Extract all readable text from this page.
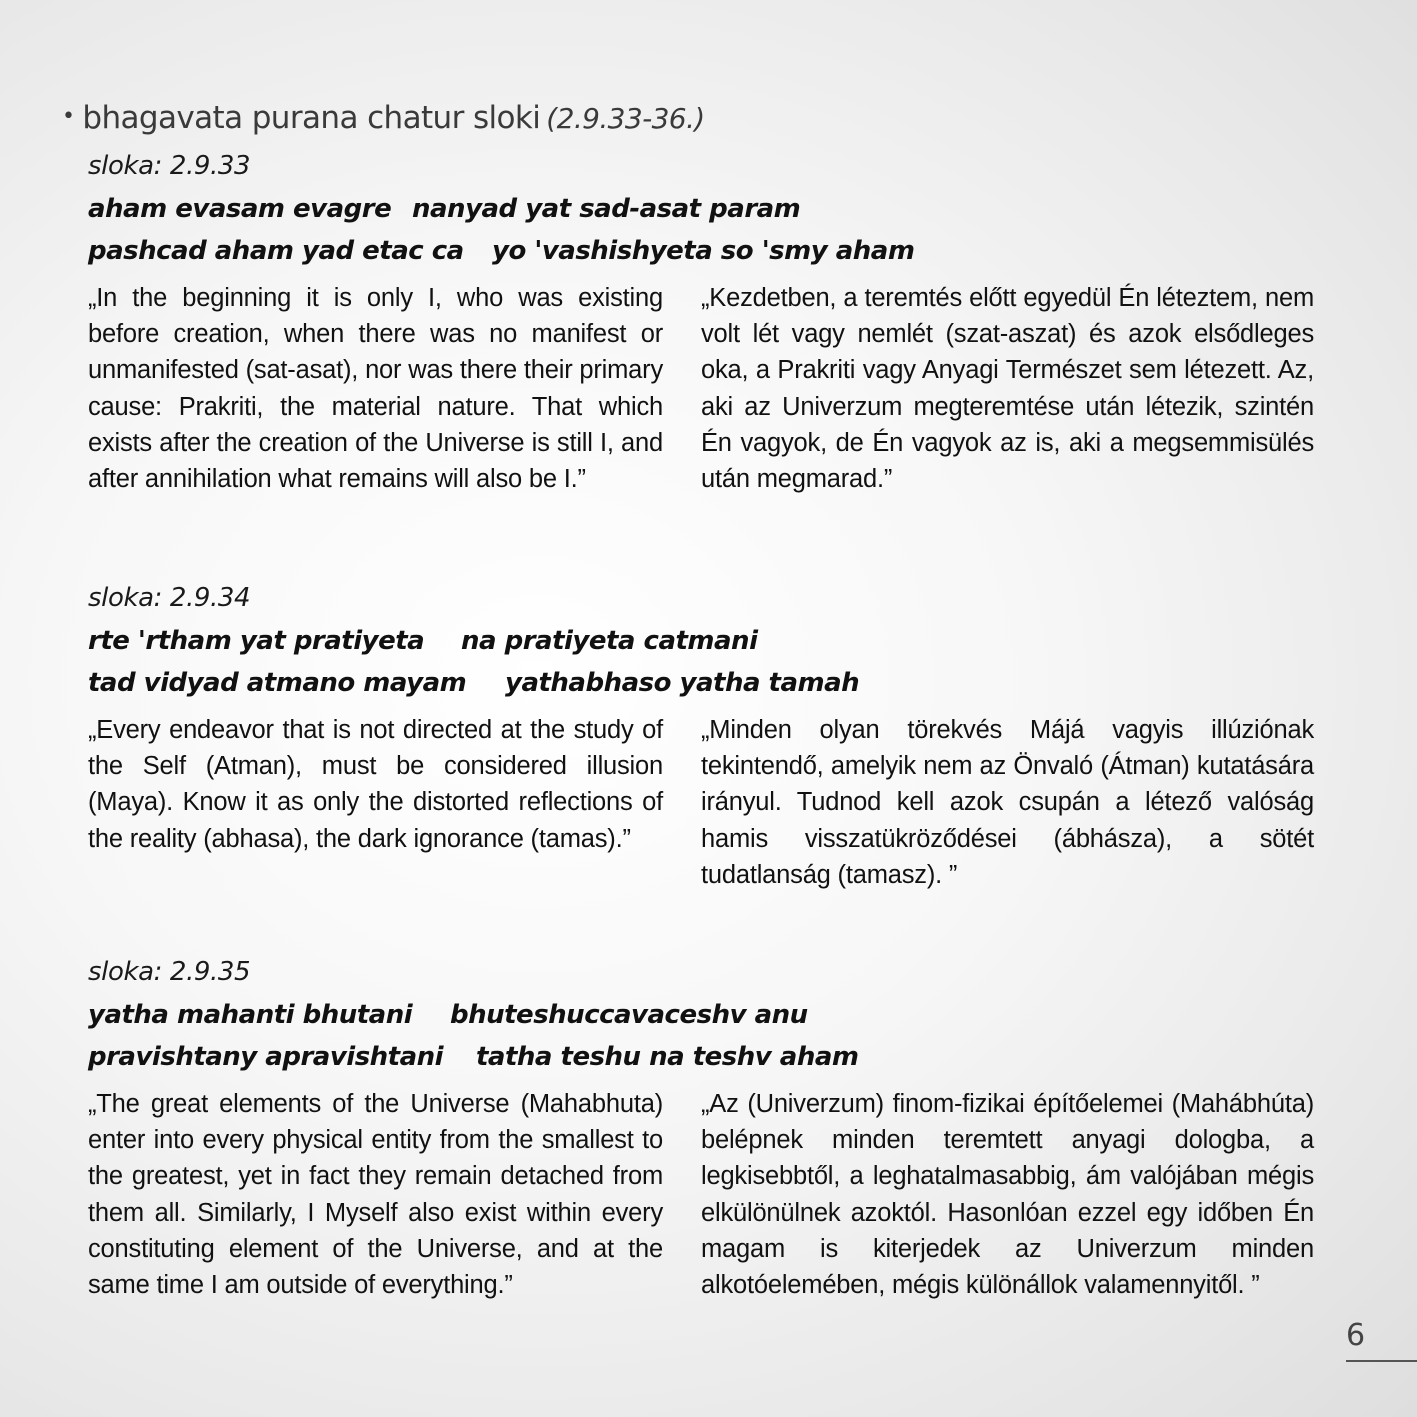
• bhagavata purana chatur sloki (2.9.33-36.)
sloka: 2.9.33
aham evasam evagre nanyad yat sad-asat param
pashcad aham yad etac ca yo 'vashishyeta so 'smy aham
„In the beginning it is only I, who was existing before creation, when there was no manifest or unmanifested (sat-asat), nor was there their primary cause: Prakriti, the material nature. That which exists after the creation of the Universe is still I, and after annihilation what remains will also be I.”
„Kezdetben, a teremtés előtt egyedül Én léteztem, nem volt lét vagy nemlét (szat-aszat) és azok elsődleges oka, a Prakriti vagy Anyagi Természet sem létezett. Az, aki az Univerzum megteremtése után létezik, szintén Én vagyok, de Én vagyok az is, aki a megsemmisülés után megmarad.”
sloka: 2.9.34
rte 'rtham yat pratiyeta na pratiyeta catmani
tad vidyad atmano mayam yathabhaso yatha tamah
„Every endeavor that is not directed at the study of the Self (Atman), must be considered illusion (Maya). Know it as only the distorted reflections of the reality (abhasa), the dark ignorance (tamas).”
„Minden olyan törekvés Májá vagyis illúziónak tekintendő, amelyik nem az Önvaló (Átman) kutatására irányul. Tudnod kell azok csupán a létező valóság hamis visszatükröződései (ábhásza), a sötét tudatlanság (tamasz). ”
sloka: 2.9.35
yatha mahanti bhutani bhuteshuccavaceshv anu
pravishtany apravishtani tatha teshu na teshv aham
„The great elements of the Universe (Mahabhuta) enter into every physical entity from the smallest to the greatest, yet in fact they remain detached from them all. Similarly, I Myself also exist within every constituting element of the Universe, and at the same time I am outside of everything.”
„Az (Univerzum) finom-fizikai építőelemei (Mahábhúta) belépnek minden teremtett anyagi dologba, a legkisebbtől, a leghatalmasabbig, ám valójában mégis elkülönülnek azoktól. Hasonlóan ezzel egy időben Én magam is kiterjedek az Univerzum minden alkotóelemében, mégis különállok valamennyitől. ”
6
